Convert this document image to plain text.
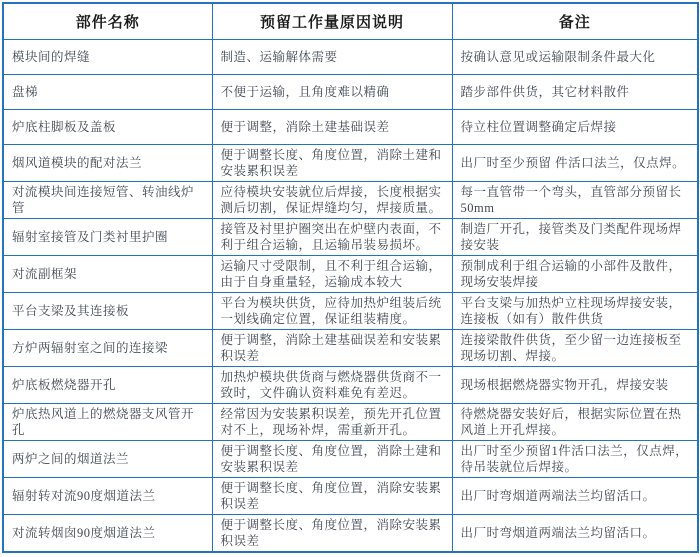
部件名称	预留工作量原因说明	备注
模块间的焊缝	制造、运输解体需要	按确认意见或运输限制条件最大化
盘梯	不便于运输，且角度难以精确	踏步部件供货，其它材料散件
炉底柱脚板及盖板	便于调整，消除土建基础误差	待立柱位置调整确定后焊接
烟风道模块的配对法兰	便于调整长度、角度位置，消除土建和安装累积误差	出厂时至少预留 件活口法兰，仅点焊。
对流模块间连接短管、转油线炉管	应待模块安装就位后焊接，长度根据实测后切割，保证焊缝均匀，焊接质量。	每一直管带一个弯头，直管部分预留长50mm
辐射室接管及门类衬里护圈	接管及衬里护圈突出在炉壁内表面，不利于组合运输，且运输吊装易损坏。	制造厂开孔，接管类及门类配件现场焊接安装
对流副框架	运输尺寸受限制，且不利于组合运输，由于自身重量轻，运输成本较大	预制成利于组合运输的小部件及散件，现场安装焊接
平台支梁及其连接板	平台为模块供货，应待加热炉组装后统一划线确定位置，保证组装精度。	平台支梁与加热炉立柱现场焊接安装，连接板（如有）散件供货
方炉两辐射室之间的连接梁	便于调整，消除土建基础误差和安装累积误差	连接梁散件供货，至少留一边连接板至现场切割、焊接。
炉底板燃烧器开孔	加热炉模块供货商与燃烧器供货商不一致时，文件确认资料难免有差迟。	现场根据燃烧器实物开孔，焊接安装
炉底热风道上的燃烧器支风管开孔	经常因为安装累积误差，预先开孔位置对不上，现场补焊，需重新开孔。	待燃烧器安装好后，根据实际位置在热风道上开孔焊接。
两炉之间的烟道法兰	便于调整长度、角度位置，消除土建和安装累积误差	出厂时至少预留1件活口法兰，仅点焊，待吊装就位后焊接。
辐射转对流90度烟道法兰	便于调整长度、角度位置，消除安装累积误差	出厂时弯烟道两端法兰均留活口。
对流转烟囱90度烟道法兰	便于调整长度、角度位置，消除安装累积误差	出厂时弯烟道两端法兰均留活口。
